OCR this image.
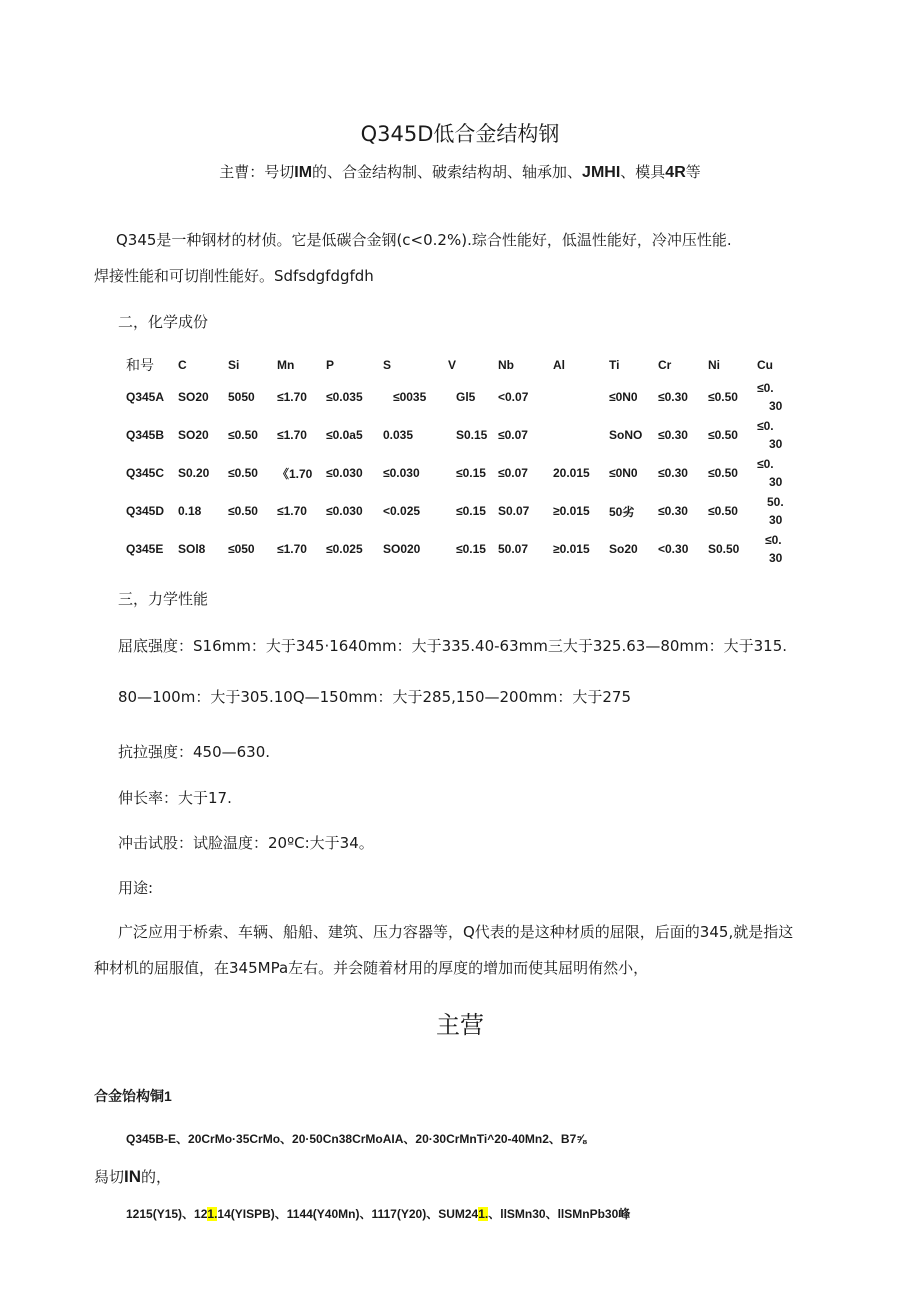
Q345D低合金结构钢
主曹：号切IM的、合金结构制、破索结构胡、轴承加、JMHI、模具4R等
Q345是一种钢材的材侦。它是低碳合金钢(c<0.2%).琮合性能好，低温性能好，冷冲压性能.
焊接性能和可切削性能好。Sdfsdgfdgfdh
二，化学成份
和号	C	Si	Mn	P	S	V	Nb	Al	Ti	Cr	Ni	Cu
Q345A	SO20	5050	≤1.70	≤0.035	≤0035	Gl5	<0.07		≤0N0	≤0.30	≤0.50	≤0.
30

Q345B	SO20	≤0.50	≤1.70	≤0.0a5	0.035	S0.15	≤0.07		SoNO	≤0.30	≤0.50	≤0.
30

Q345C	S0.20	≤0.50	《1.70	≤0.030	≤0.030	≤0.15	≤0.07	20.015	≤0N0	≤0.30	≤0.50	≤0.
30

Q345D	0.18	≤0.50	≤1.70	≤0.030	<0.025	≤0.15	S0.07	≥0.015	50劣	≤0.30	≤0.50	50.
30

Q345E	SOl8	≤050	≤1.70	≤0.025	SO020	≤0.15	50.07	≥0.015	So20	<0.30	S0.50	≤0.
30
三，力学性能
屈底强度：S16mm：大于345·1640mm：大于335.40-63mm三大于325.63—80mm：大于315.
80—100m：大于305.10Q—150mm：大于285,150—200mm：大于275
抗拉强度：450—630.
伸长率：大于17.
冲击试股：试脸温度：20ºC:大于34。
用途:
广泛应用于桥索、车辆、船船、建筑、压力容器等，Q代表的是这种材质的屈限，后面的345,就是指这
种材机的屈服值，在345MPa左右。并会随着材用的厚度的增加而使其屈明侑然小，
主营
合金饴构铜1
Q345B-E、20CrMo·35CrMo、20·50Cn38CrMoAIA、20·30CrMnTi^20-40Mn2、B7⅝
舄切IN的，
1215(Y15)、121.14(YISPB)、1144(Y40Mn)、1117(Y20)、SUM241.、llSMn30、llSMnPb30峰
